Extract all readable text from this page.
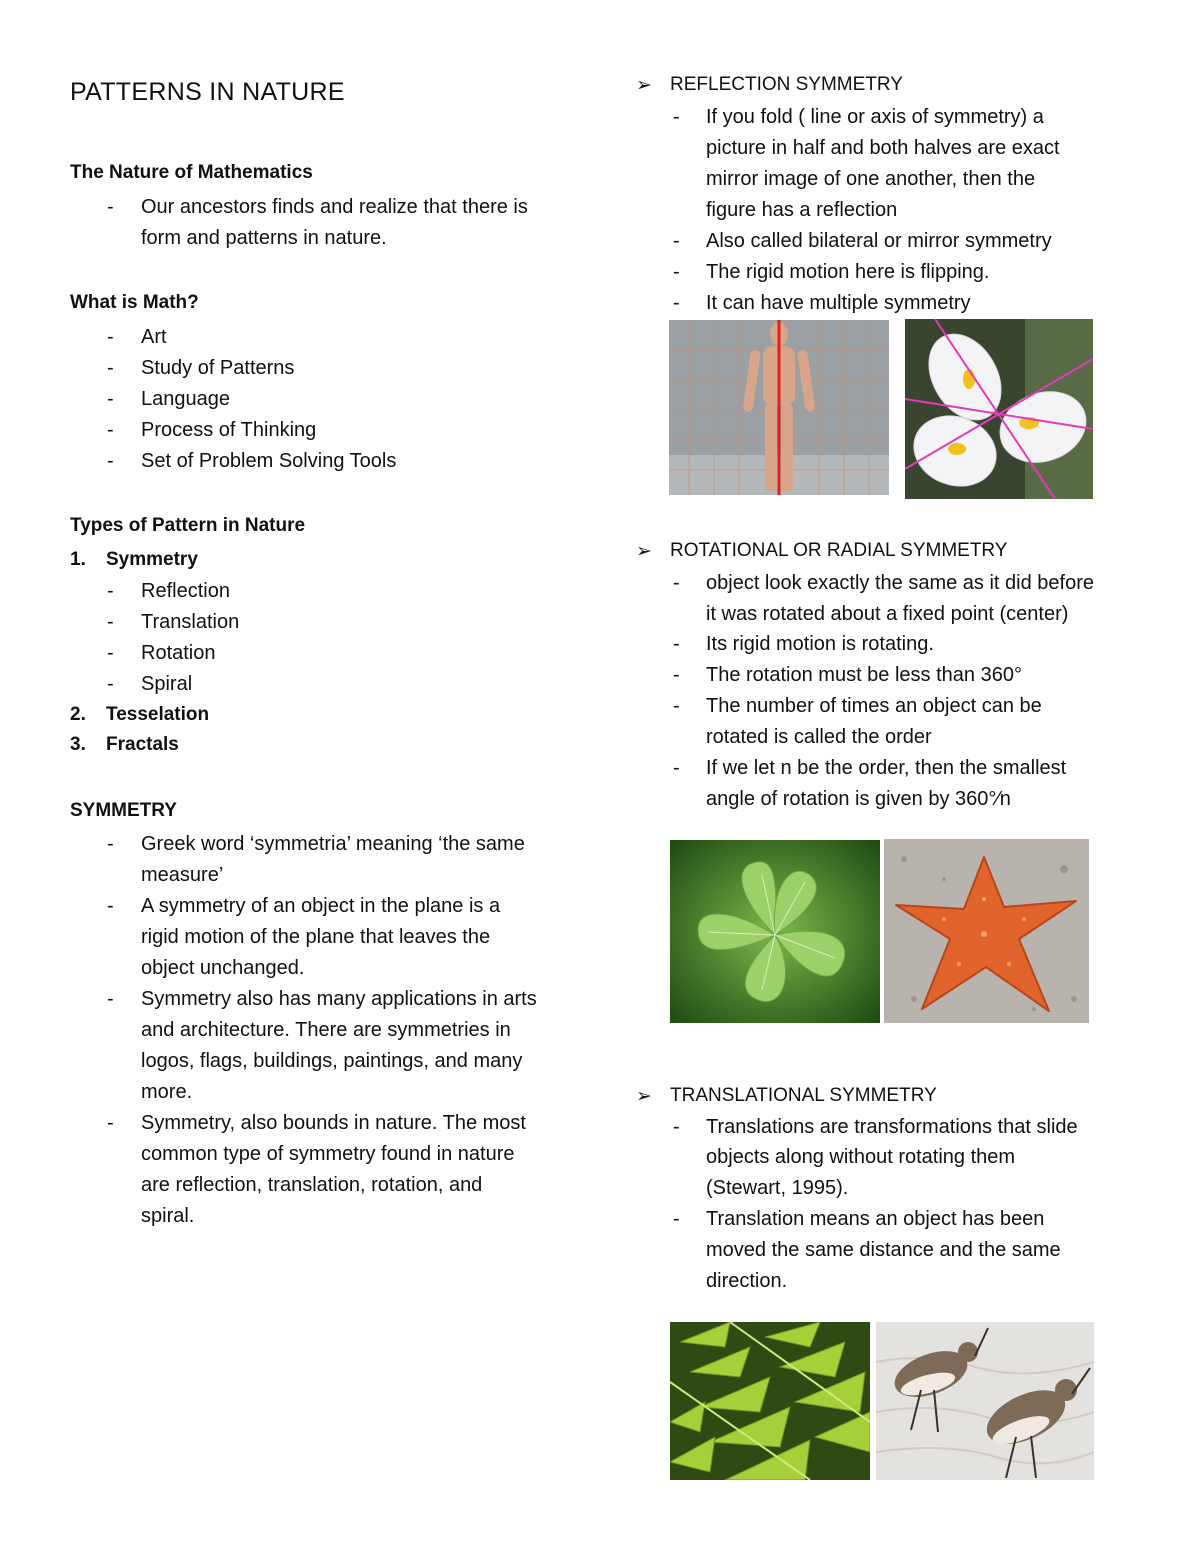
PATTERNS IN NATURE
The Nature of Mathematics
- Our ancestors finds and realize that there is
form and patterns in nature.
What is Math?
- Art
- Study of Patterns
- Language
- Process of Thinking
- Set of Problem Solving Tools
Types of Pattern in Nature
1. Symmetry
- Reflection
- Translation
- Rotation
- Spiral
2. Tesselation
3. Fractals
SYMMETRY
- Greek word ‘symmetria’ meaning ‘the same
measure’
- A symmetry of an object in the plane is a
rigid motion of the plane that leaves the
object unchanged.
- Symmetry also has many applications in arts
and architecture. There are symmetries in
logos, flags, buildings, paintings, and many
more.
- Symmetry, also bounds in nature. The most
common type of symmetry found in nature
are reflection, translation, rotation, and
spiral.
➢ REFLECTION SYMMETRY
- If you fold ( line or axis of symmetry) a
picture in half and both halves are exact
mirror image of one another, then the
figure has a reflection
- Also called bilateral or mirror symmetry
- The rigid motion here is flipping.
- It can have multiple symmetry
➢ ROTATIONAL OR RADIAL SYMMETRY
- object look exactly the same as it did before
it was rotated about a fixed point (center)
- Its rigid motion is rotating.
- The rotation must be less than 360°
- The number of times an object can be
rotated is called the order
- If we let n be the order, then the smallest
angle of rotation is given by 360°⁄n
➢ TRANSLATIONAL SYMMETRY
- Translations are transformations that slide
objects along without rotating them
(Stewart, 1995).
- Translation means an object has been
moved the same distance and the same
direction.
